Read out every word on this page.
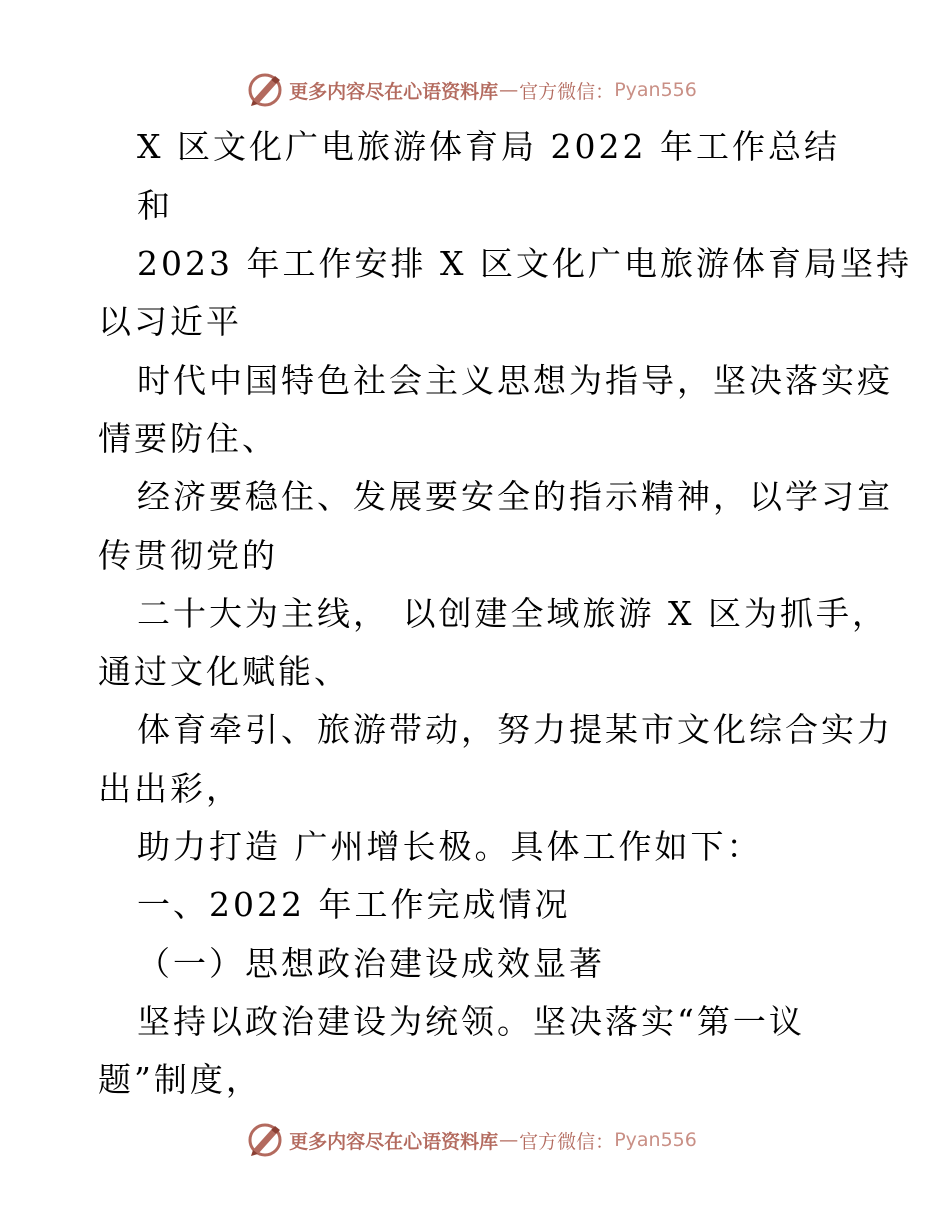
更多内容尽在心语资料库 — 官方微信： Pyan556
X 区文化广电旅游体育局 2022 年工作总结
和
2023 年工作安排 X 区文化广电旅游体育局坚持
以习近平
时代中国特色社会主义思想为指导，坚决落实疫
情要防住、
经济要稳住、发展要安全的指示精神，以学习宣
传贯彻党的
二十大为主线， 以创建全域旅游 X 区为抓手，
通过文化赋能、
体育牵引、旅游带动，努力提某市文化综合实力
出出彩，
助力打造 广州增长极。具体工作如下：
一、2022 年工作完成情况
（一）思想政治建设成效显著
坚持以政治建设为统领。坚决落实“第一议
题”制度，
更多内容尽在心语资料库 — 官方微信： Pyan556
